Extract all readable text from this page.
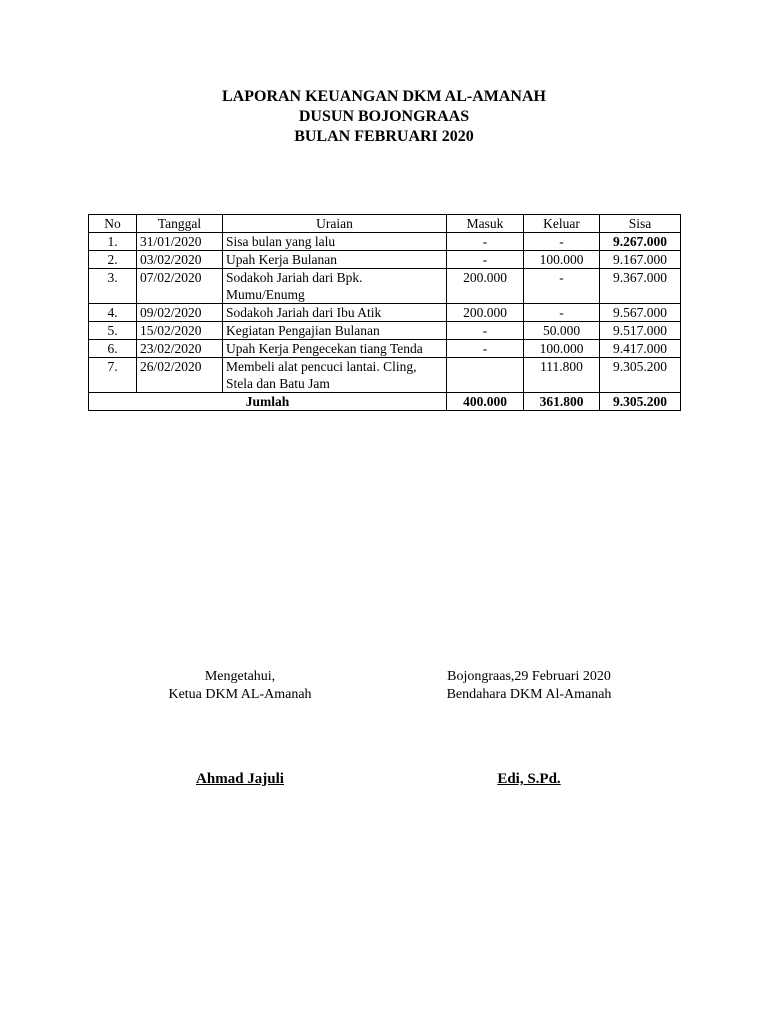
LAPORAN KEUANGAN DKM AL-AMANAH
DUSUN BOJONGRAAS
BULAN FEBRUARI 2020
No	Tanggal	Uraian	Masuk	Keluar	Sisa
1.	31/01/2020	Sisa bulan yang lalu	-	-	9.267.000
2.	03/02/2020	Upah Kerja Bulanan	-	100.000	9.167.000
3.	07/02/2020	Sodakoh Jariah dari Bpk. Mumu/Enumg	200.000	-	9.367.000
4.	09/02/2020	Sodakoh Jariah dari Ibu Atik	200.000	-	9.567.000
5.	15/02/2020	Kegiatan Pengajian Bulanan	-	50.000	9.517.000
6.	23/02/2020	Upah Kerja Pengecekan tiang Tenda	-	100.000	9.417.000
7.	26/02/2020	Membeli alat pencuci lantai. Cling, Stela dan Batu Jam		111.800	9.305.200
Jumlah			400.000	361.800	9.305.200
Mengetahui,
Ketua DKM AL-Amanah
Bojongraas,29 Februari 2020
Bendahara DKM Al-Amanah
Ahmad Jajuli	Edi, S.Pd.
